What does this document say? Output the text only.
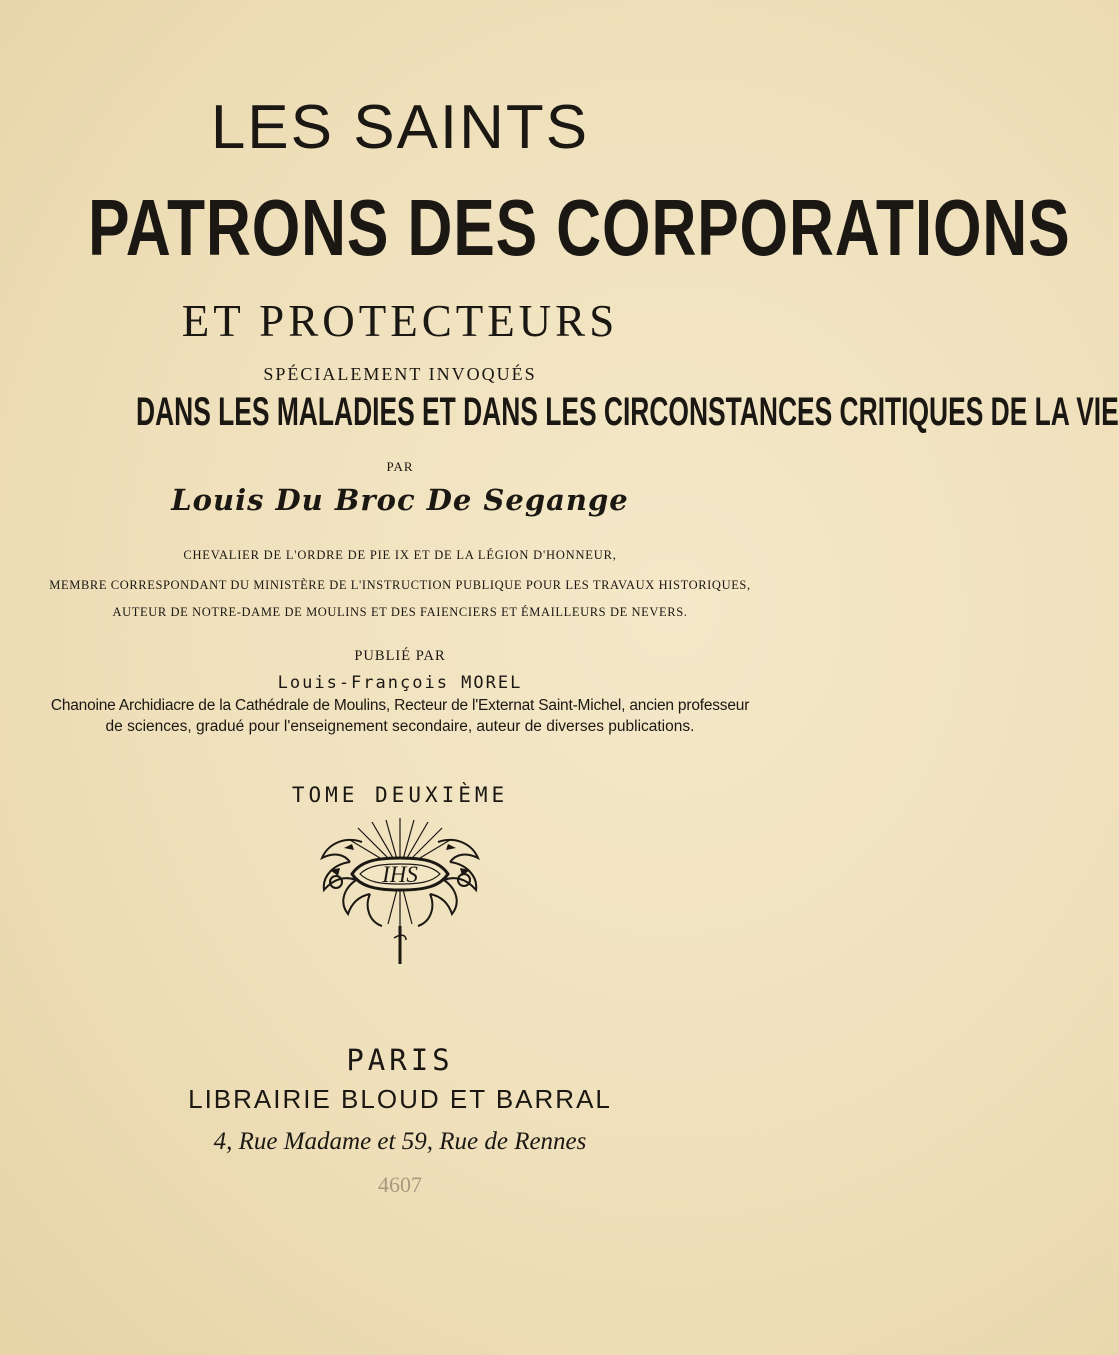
LES SAINTS
PATRONS DES CORPORATIONS
ET PROTECTEURS
SPÉCIALEMENT INVOQUÉS
DANS LES MALADIES ET DANS LES CIRCONSTANCES CRITIQUES DE LA VIE
PAR
Louis Du Broc De Segange
CHEVALIER DE L'ORDRE DE PIE IX ET DE LA LÉGION D'HONNEUR,
MEMBRE CORRESPONDANT DU MINISTÈRE DE L'INSTRUCTION PUBLIQUE POUR LES TRAVAUX HISTORIQUES,
AUTEUR DE NOTRE-DAME DE MOULINS ET DES FAIENCIERS ET ÉMAILLEURS DE NEVERS.
PUBLIÉ PAR
Louis-François MOREL
Chanoine Archidiacre de la Cathédrale de Moulins, Recteur de l'Externat Saint-Michel, ancien professeur
de sciences, gradué pour l'enseignement secondaire, auteur de diverses publications.
TOME DEUXIÈME
IHS
PARIS
LIBRAIRIE BLOUD ET BARRAL
4, Rue Madame et 59, Rue de Rennes
4607
